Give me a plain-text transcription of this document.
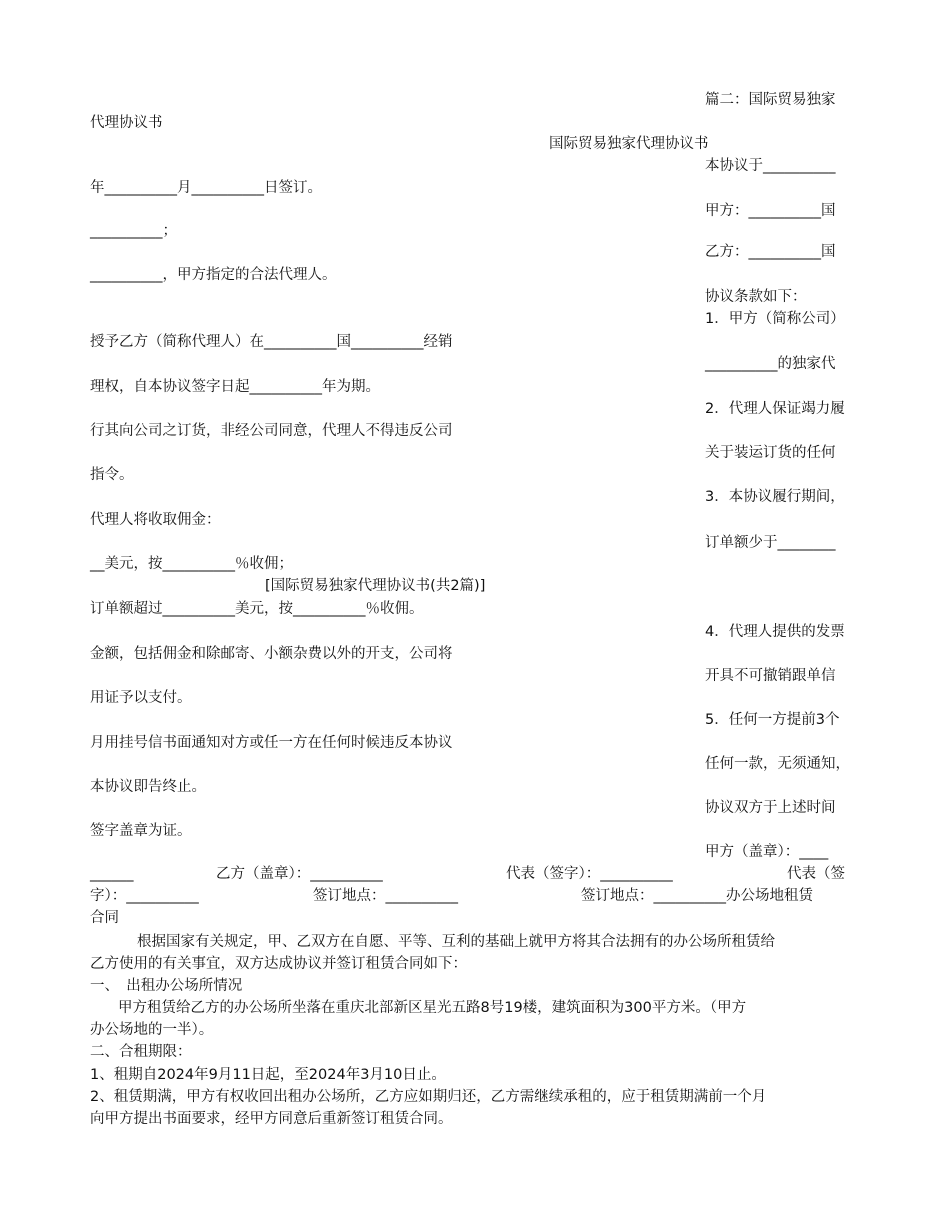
篇二：国际贸易独家
本协议于__________
甲方：__________国
乙方：__________国
协议条款如下：
1．甲方（简称公司）
__________的独家代
2．代理人保证竭力履
关于装运订货的任何
3．本协议履行期间，
订单额少于________
4．代理人提供的发票
开具不可撤销跟单信
5．任何一方提前3个
任何一款，无须通知，
协议双方于上述时间
甲方（盖章）：____
国际贸易独家代理协议书
[国际贸易独家代理协议书(共2篇)]
代理协议书
年__________月__________日签订。
__________；
__________，甲方指定的合法代理人。
授予乙方（简称代理人）在__________国__________经销
理权，自本协议签字日起__________年为期。
行其向公司之订货，非经公司同意，代理人不得违反公司
指令。
代理人将收取佣金：
__美元，按__________％收佣；
订单额超过__________美元，按__________％收佣。
金额，包括佣金和除邮寄、小额杂费以外的开支，公司将
用证予以支付。
月用挂号信书面通知对方或任一方在任何时候违反本协议
本协议即告终止。
签字盖章为证。
______	乙方（盖章）：__________	代表（签字）：__________	代表（签
字）：__________	签订地点：__________	签订地点：__________办公场地租赁
合同
根据国家有关规定，甲、乙双方在自愿、平等、互利的基础上就甲方将其合法拥有的办公场所租赁给
乙方使用的有关事宜，双方达成协议并签订租赁合同如下：
一、　出租办公场所情况
甲方租赁给乙方的办公场所坐落在重庆北部新区星光五路8号19楼，建筑面积为300平方米。（甲方
办公场地的一半）。
二、合租期限：
1、租期自2024年9月11日起，至2024年3月10日止。
2、租赁期满，甲方有权收回出租办公场所，乙方应如期归还，乙方需继续承租的，应于租赁期满前一个月
向甲方提出书面要求，经甲方同意后重新签订租赁合同。
